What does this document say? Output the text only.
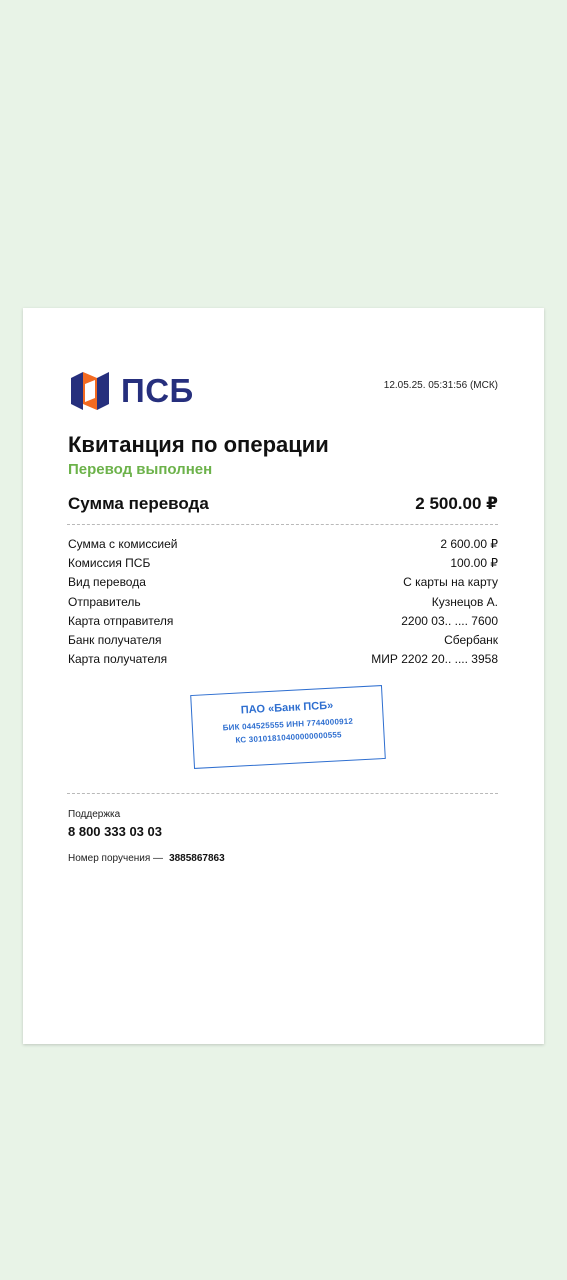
ПСБ	12.05.25. 05:31:56 (МСК)
Квитанция по операции
Перевод выполнен
Сумма перевода	2 500.00 ₽
Сумма с комиссией	2 600.00 ₽
Комиссия ПСБ	100.00 ₽
Вид перевода	С карты на карту
Отправитель	Кузнецов А.
Карта отправителя	2200 03.. .... 7600
Банк получателя	Сбербанк
Карта получателя	МИР 2202 20.. .... 3958
ПАО «Банк ПСБ»
БИК 044525555 ИНН 7744000912
КС 30101810400000000555
Поддержка
8 800 333 03 03
Номер поручения — 3885867863
